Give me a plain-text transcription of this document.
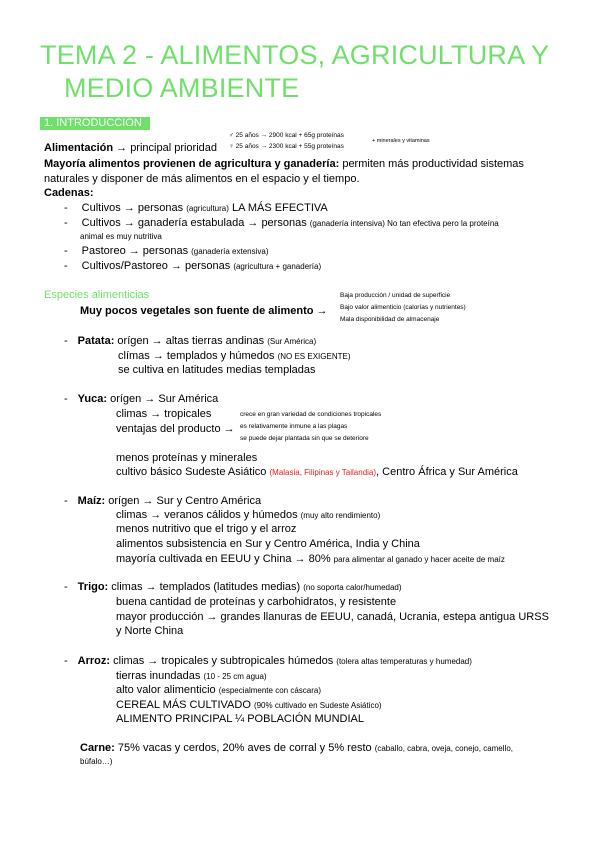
TEMA 2 - ALIMENTOS, AGRICULTURA Y
MEDIO AMBIENTE
1. INTRODUCCIÓN
Alimentación → principal prioridad
♂ 25 años → 2900 kcal + 65g proteínas
♀ 25 años → 2300 kcal + 55g proteínas
+ minerales y vitaminas
Mayoría alimentos provienen de agricultura y ganadería: permiten más productividad sistemas
naturales y disponer de más alimentos en el espacio y el tiempo.
Cadenas:
- Cultivos → personas (agricultura) LA MÁS EFECTIVA
- Cultivos → ganadería estabulada → personas (ganadería intensiva) No tan efectiva pero la proteína
animal es muy nutritiva
- Pastoreo → personas (ganadería extensiva)
- Cultivos/Pastoreo → personas (agricultura + ganadería)
Especies alimenticias
Muy pocos vegetales son fuente de alimento →
Baja producción / unidad de superficie
Bajo valor alimenticio (calorías y nutrientes)
Mala disponibilidad de almacenaje
- Patata: orígen → altas tierras andinas (Sur América)
clímas → templados y húmedos (NO ES EXIGENTE)
se cultiva en latitudes medias templadas
- Yuca: orígen → Sur América
climas → tropicales
ventajas del producto →
crece en gran variedad de condiciones tropicales
es relativamente inmune a las plagas
se puede dejar plantada sin que se deteriore
menos proteínas y minerales
cultivo básico Sudeste Asiático (Malasia, Filipinas y Tailandia), Centro África y Sur América
- Maíz: orígen → Sur y Centro América
climas → veranos cálidos y húmedos (muy alto rendimiento)
menos nutritivo que el trigo y el arroz
alimentos subsistencia en Sur y Centro América, India y China
mayoría cultivada en EEUU y China → 80% para alimentar al ganado y hacer aceite de maíz
- Trigo: climas → templados (latitudes medias) (no soporta calor/humedad)
buena cantidad de proteínas y carbohidratos, y resistente
mayor producción → grandes llanuras de EEUU, canadá, Ucrania, estepa antigua URSS
y Norte China
- Arroz: climas → tropicales y subtropicales húmedos (tolera altas temperaturas y humedad)
tierras inundadas (10 - 25 cm agua)
alto valor alimenticio (especialmente con cáscara)
CEREAL MÁS CULTIVADO (90% cultivado en Sudeste Asiático)
ALIMENTO PRINCIPAL ¼ POBLACIÓN MUNDIAL
Carne: 75% vacas y cerdos, 20% aves de corral y 5% resto (caballo, cabra, oveja, conejo, camello,
búfalo…)
